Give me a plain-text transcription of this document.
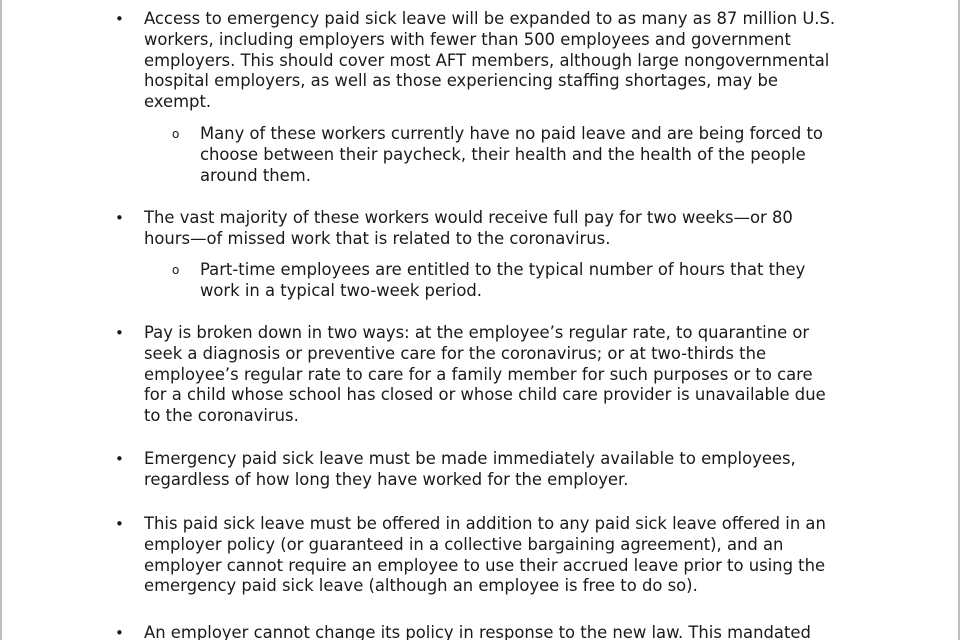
• Access to emergency paid sick leave will be expanded to as many as 87 million U.S.
workers, including employers with fewer than 500 employees and government
employers. This should cover most AFT members, although large nongovernmental
hospital employers, as well as those experiencing staffing shortages, may be
exempt.
o Many of these workers currently have no paid leave and are being forced to
choose between their paycheck, their health and the health of the people
around them.
• The vast majority of these workers would receive full pay for two weeks—or 80
hours—of missed work that is related to the coronavirus.
o Part-time employees are entitled to the typical number of hours that they
work in a typical two-week period.
• Pay is broken down in two ways: at the employee’s regular rate, to quarantine or
seek a diagnosis or preventive care for the coronavirus; or at two-thirds the
employee’s regular rate to care for a family member for such purposes or to care
for a child whose school has closed or whose child care provider is unavailable due
to the coronavirus.
• Emergency paid sick leave must be made immediately available to employees,
regardless of how long they have worked for the employer.
• This paid sick leave must be offered in addition to any paid sick leave offered in an
employer policy (or guaranteed in a collective bargaining agreement), and an
employer cannot require an employee to use their accrued leave prior to using the
emergency paid sick leave (although an employee is free to do so).
• An employer cannot change its policy in response to the new law. This mandated
